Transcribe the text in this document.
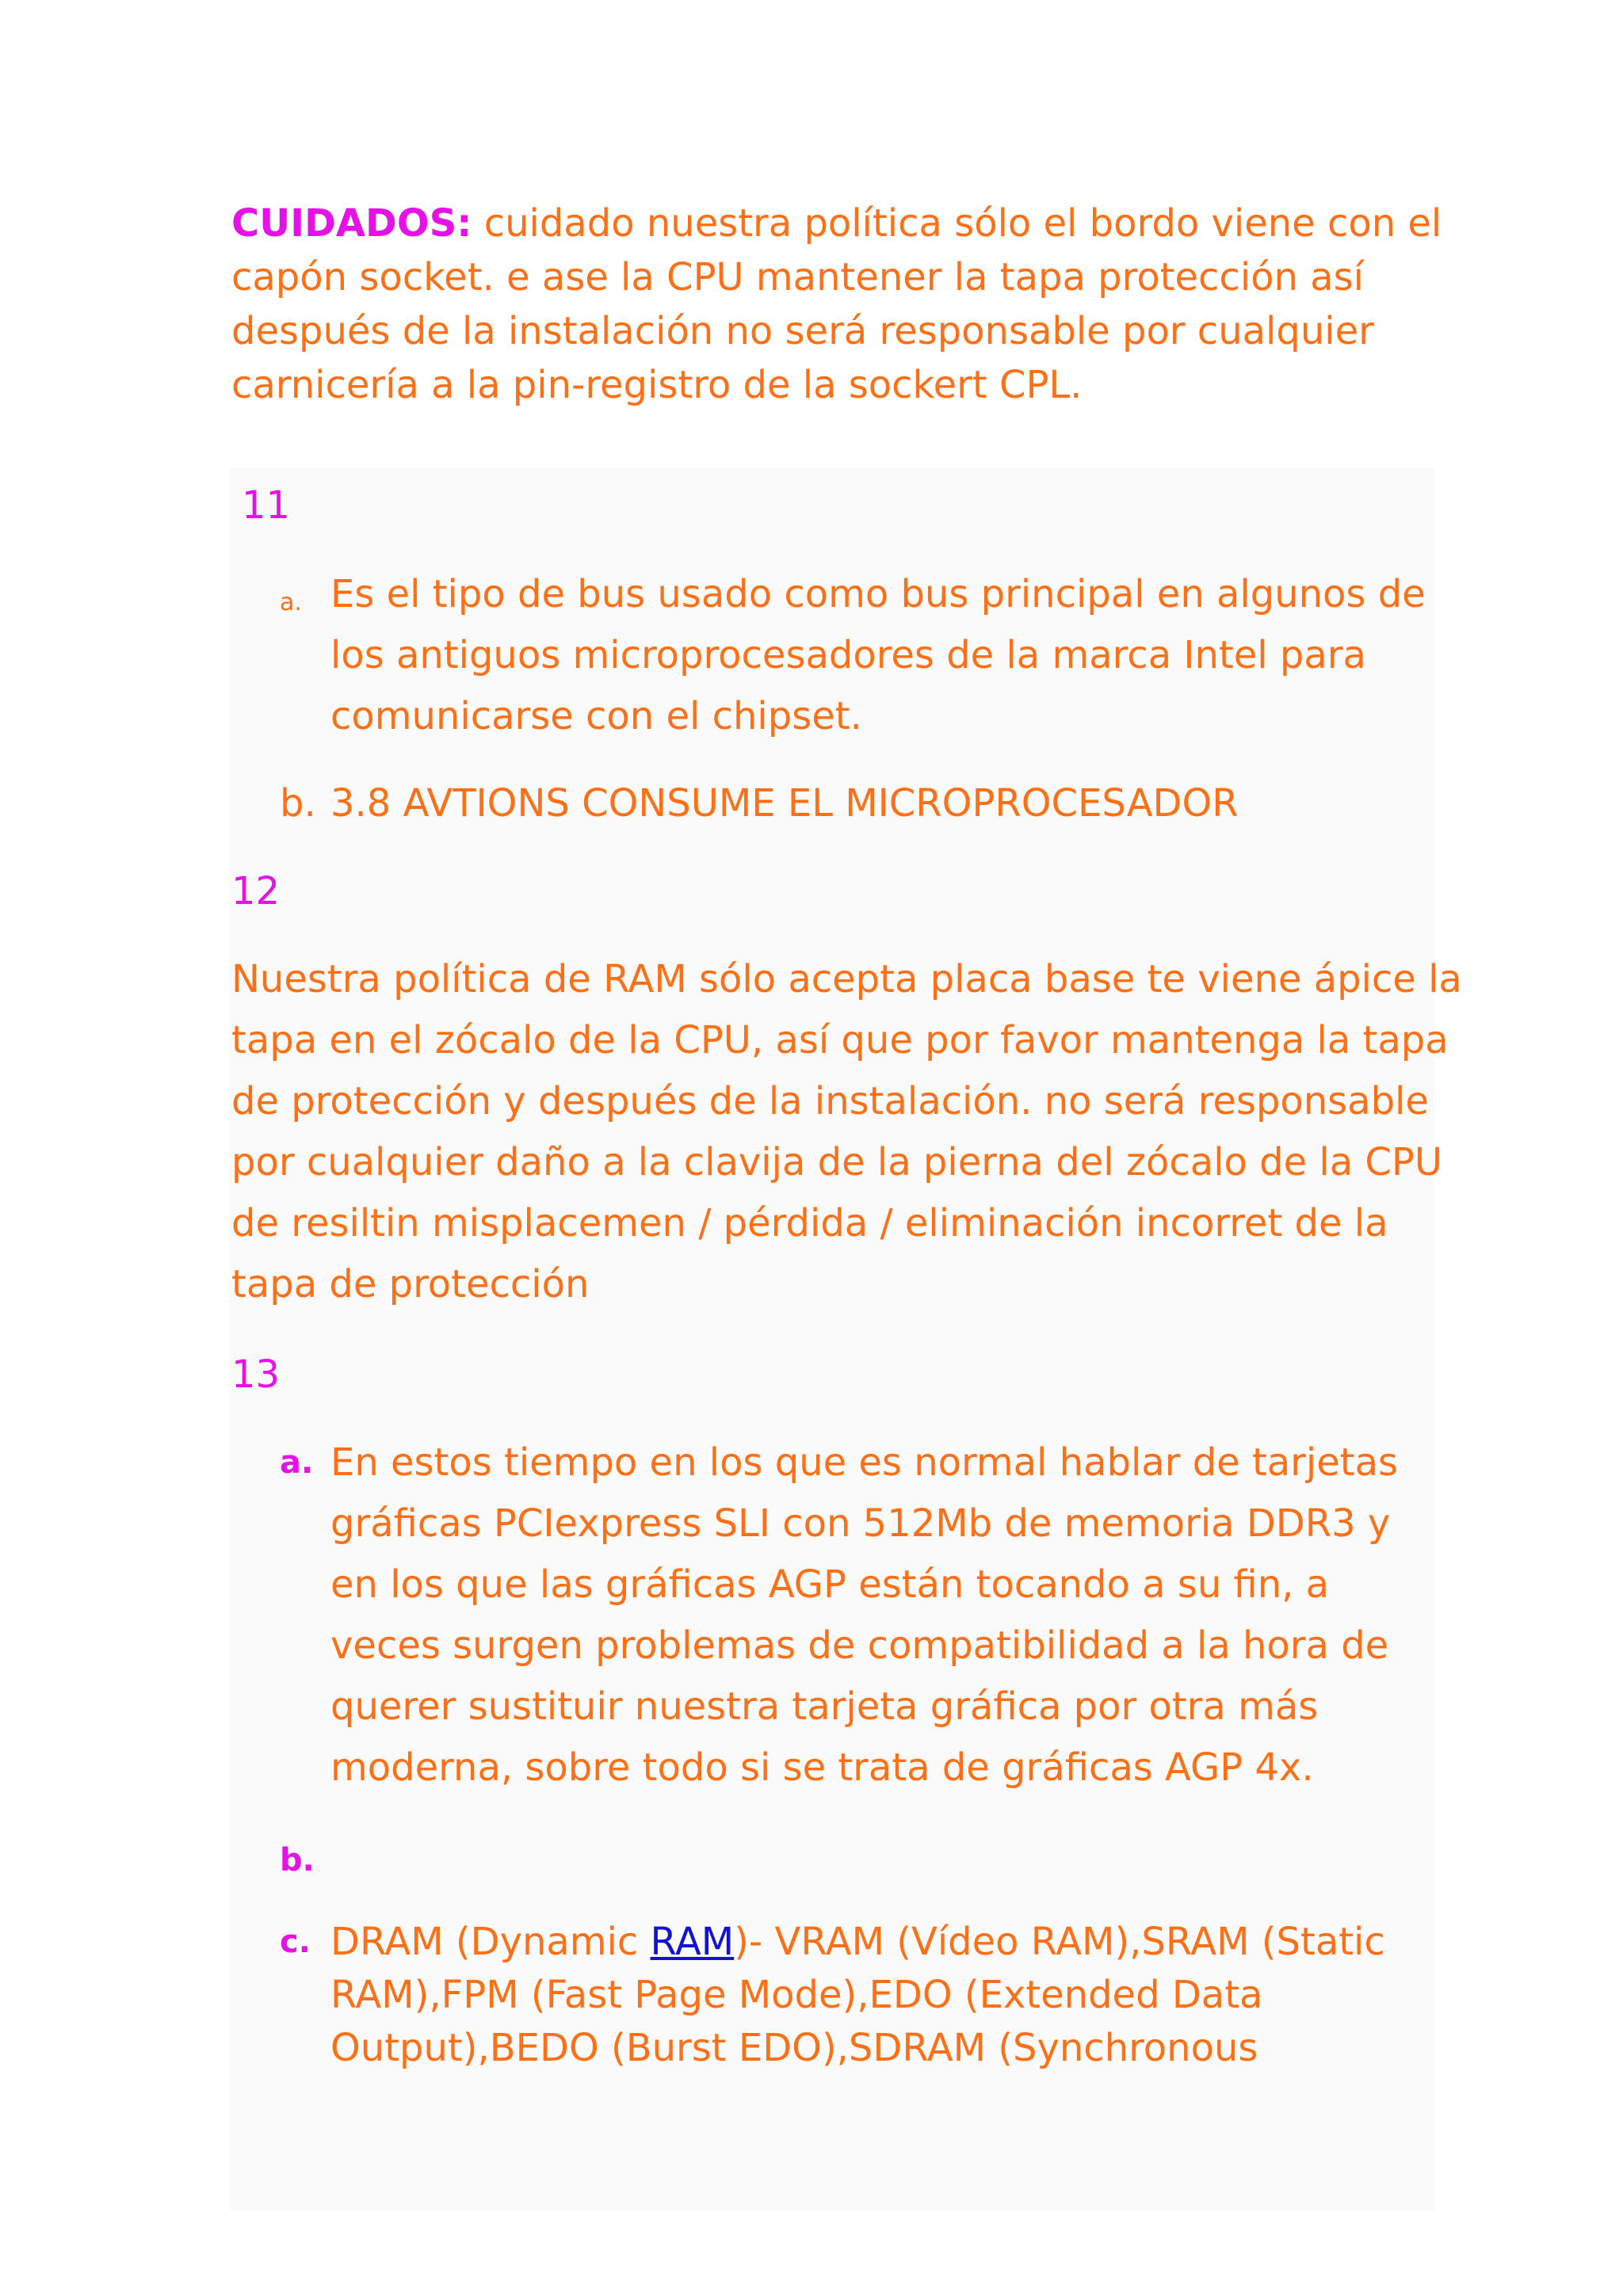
CUIDADOS: cuidado nuestra política sólo el bordo viene con el capón socket. e ase la CPU mantener la tapa protección así después de la instalación no será responsable por cualquier carnicería a la pin-registro de la sockert CPL.
11
a. Es el tipo de bus usado como bus principal en algunos de los antiguos microprocesadores de la marca Intel para comunicarse con el chipset.
b. 3.8 AVTIONS CONSUME EL MICROPROCESADOR
12
Nuestra política de RAM sólo acepta placa base te viene ápice la tapa en el zócalo de la CPU, así que por favor mantenga la tapa de protección y después de la instalación. no será responsable por cualquier daño a la clavija de la pierna del zócalo de la CPU de resiltin misplacemen / pérdida / eliminación incorret de la tapa de protección
13
a. En estos tiempo en los que es normal hablar de tarjetas gráficas PCIexpress SLI con 512Mb de memoria DDR3 y en los que las gráficas AGP están tocando a su fin, a veces surgen problemas de compatibilidad a la hora de querer sustituir nuestra tarjeta gráfica por otra más moderna, sobre todo si se trata de gráficas AGP 4x.
b.
c. DRAM (Dynamic RAM)- VRAM (Vídeo RAM),SRAM (Static RAM),FPM (Fast Page Mode),EDO (Extended Data Output),BEDO (Burst EDO),SDRAM (Synchronous
